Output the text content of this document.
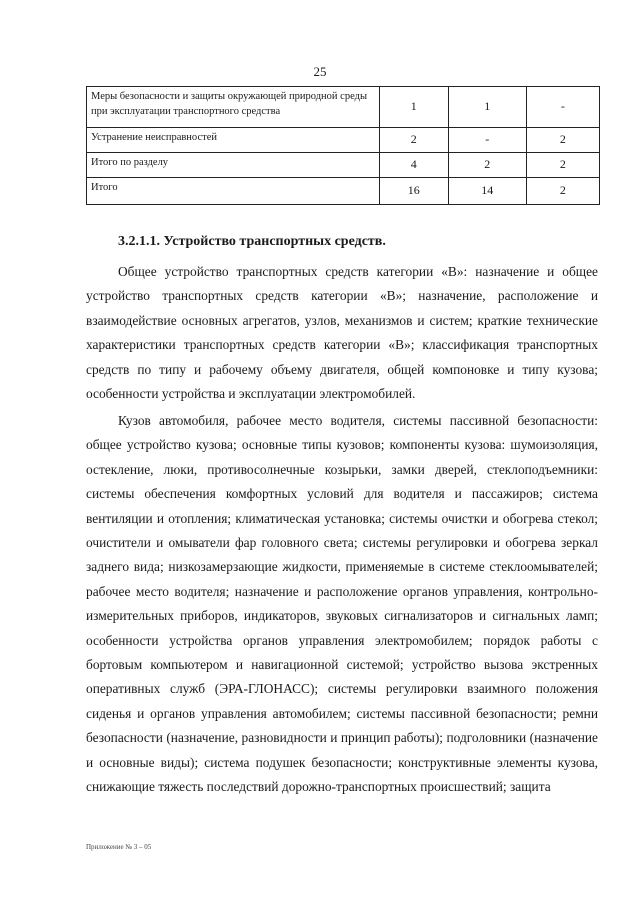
25
Меры безопасности и защиты окружающей природной среды при эксплуатации транспортного средства	1	1	-
Устранение неисправностей	2	-	2
Итого по разделу	4	2	2
Итого	16	14	2
3.2.1.1. Устройство транспортных средств.

Общее устройство транспортных средств категории «В»: назначение и общее устройство транспортных средств категории «В»; назначение, расположение и взаимодействие основных агрегатов, узлов, механизмов и систем; краткие технические характеристики транспортных средств категории «В»; классификация транспортных средств по типу и рабочему объему двигателя, общей компоновке и типу кузова; особенности устройства и эксплуатации электромобилей.

Кузов автомобиля, рабочее место водителя, системы пассивной безопасности: общее устройство кузова; основные типы кузовов; компоненты кузова: шумоизоляция, остекление, люки, противосолнечные козырьки, замки дверей, стеклоподъемники: системы обеспечения комфортных условий для водителя и пассажиров; система вентиляции и отопления; климатическая установка; системы очистки и обогрева стекол; очистители и омыватели фар головного света; системы регулировки и обогрева зеркал заднего вида; низкозамерзающие жидкости, применяемые в системе стеклоомывателей; рабочее место водителя; назначение и расположение органов управления, контрольно-измерительных приборов, индикаторов, звуковых сигнализаторов и сигнальных ламп; особенности устройства органов управления электромобилем; порядок работы с бортовым компьютером и навигационной системой; устройство вызова экстренных оперативных служб (ЭРА-ГЛОНАСС); системы регулировки взаимного положения сиденья и органов управления автомобилем; системы пассивной безопасности; ремни безопасности (назначение, разновидности и принцип работы); подголовники (назначение и основные виды); система подушек безопасности; конструктивные элементы кузова, снижающие тяжесть последствий дорожно-транспортных происшествий; защита

Приложение № 3 – 05
